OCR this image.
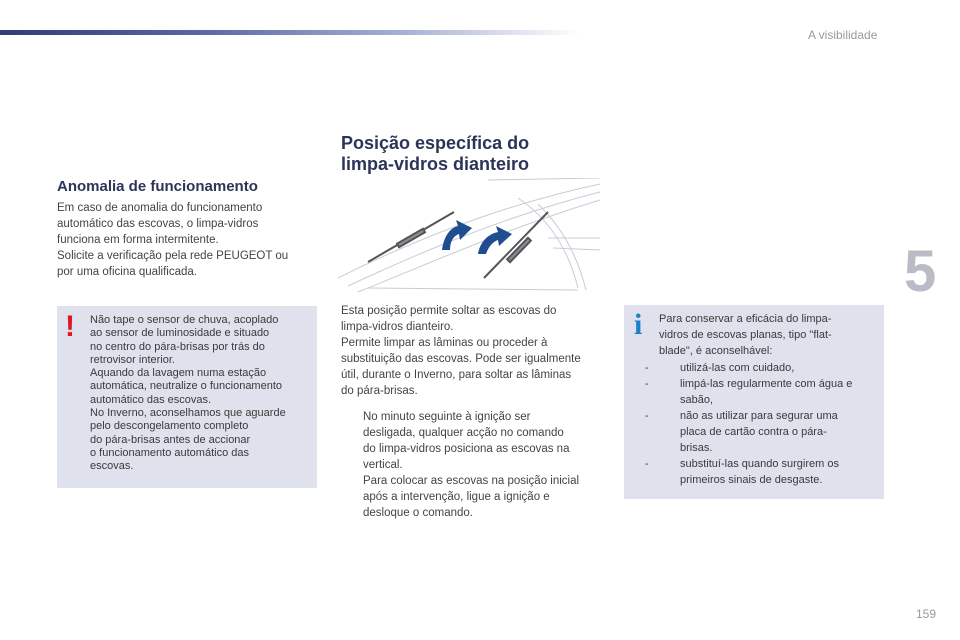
A visibilidade
5
159
Anomalia de funcionamento
Em caso de anomalia do funcionamento
automático das escovas, o limpa-vidros
funciona em forma intermitente.
Solicite a verificação pela rede PEUGEOT ou
por uma oficina qualificada.
! Não tape o sensor de chuva, acoplado
ao sensor de luminosidade e situado
no centro do pára-brisas por trás do
retrovisor interior.
Aquando da lavagem numa estação
automática, neutralize o funcionamento
automático das escovas.
No Inverno, aconselhamos que aguarde
pelo descongelamento completo
do pára-brisas antes de accionar
o funcionamento automático das
escovas.
Posição específica do
limpa-vidros dianteiro
Esta posição permite soltar as escovas do
limpa-vidros dianteiro.
Permite limpar as lâminas ou proceder à
substituição das escovas. Pode ser igualmente
útil, durante o Inverno, para soltar as lâminas
do pára-brisas.
No minuto seguinte à ignição ser
desligada, qualquer acção no comando
do limpa-vidros posiciona as escovas na
vertical.
Para colocar as escovas na posição inicial
após a intervenção, ligue a ignição e
desloque o comando.
i Para conservar a eficácia do limpa-
vidros de escovas planas, tipo "flat-
blade", é aconselhável:
-	utilizá-las com cuidado,
-	limpá-las regularmente com água e
sabão,
-	não as utilizar para segurar uma
placa de cartão contra o pára-
brisas.
-	substituí-las quando surgirem os
primeiros sinais de desgaste.
